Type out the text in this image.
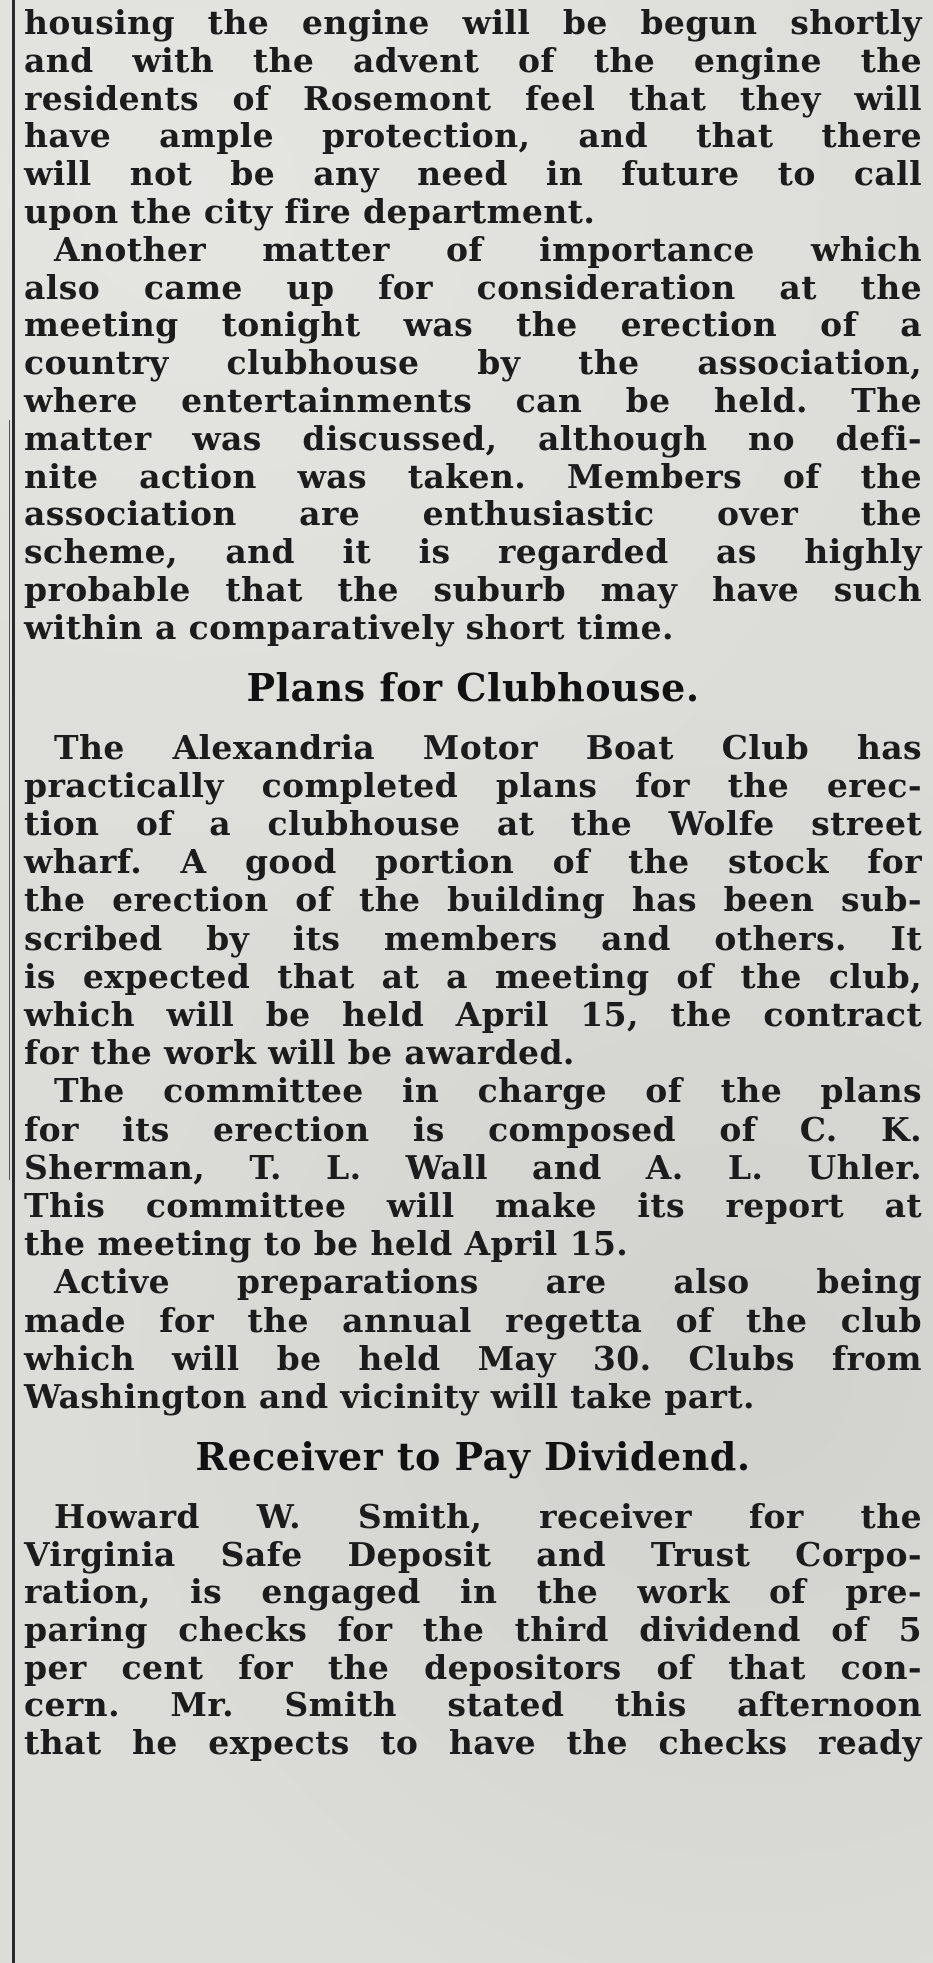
housing the engine will be begun shortly
and with the advent of the engine the
residents of Rosemont feel that they will
have ample protection, and that there
will not be any need in future to call
upon the city fire department.
Another matter of importance which
also came up for consideration at the
meeting tonight was the erection of a
country clubhouse by the association,
where entertainments can be held. The
matter was discussed, although no defi-
nite action was taken. Members of the
association are enthusiastic over the
scheme, and it is regarded as highly
probable that the suburb may have such
within a comparatively short time.
Plans for Clubhouse.
The Alexandria Motor Boat Club has
practically completed plans for the erec-
tion of a clubhouse at the Wolfe street
wharf. A good portion of the stock for
the erection of the building has been sub-
scribed by its members and others. It
is expected that at a meeting of the club,
which will be held April 15, the contract
for the work will be awarded.
The committee in charge of the plans
for its erection is composed of C. K.
Sherman, T. L. Wall and A. L. Uhler.
This committee will make its report at
the meeting to be held April 15.
Active preparations are also being
made for the annual regetta of the club
which will be held May 30. Clubs from
Washington and vicinity will take part.
Receiver to Pay Dividend.
Howard W. Smith, receiver for the
Virginia Safe Deposit and Trust Corpo-
ration, is engaged in the work of pre-
paring checks for the third dividend of 5
per cent for the depositors of that con-
cern. Mr. Smith stated this afternoon
that he expects to have the checks ready
